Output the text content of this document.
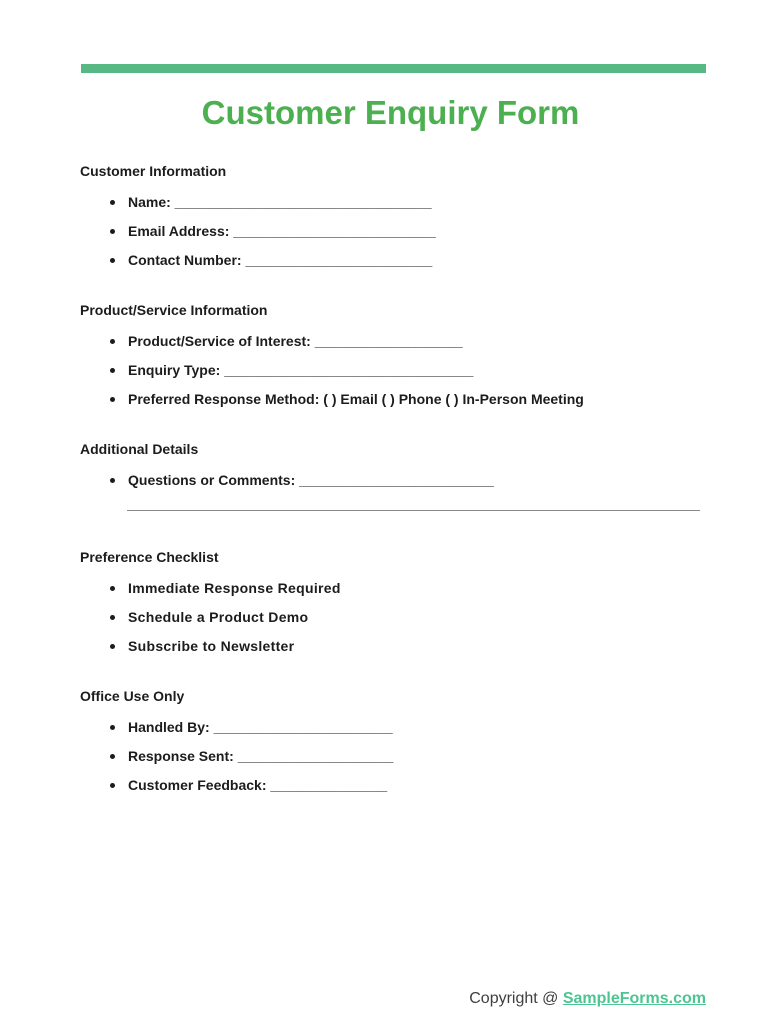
Customer Enquiry Form
Customer Information
Name: _________________________________
Email Address: __________________________
Contact Number: ________________________
Product/Service Information
Product/Service of Interest: ___________________
Enquiry Type: ________________________________
Preferred Response Method: ( ) Email ( ) Phone ( ) In-Person Meeting
Additional Details
Questions or Comments: _________________________
Preference Checklist
Immediate Response Required
Schedule a Product Demo
Subscribe to Newsletter
Office Use Only
Handled By: _______________________
Response Sent: ____________________
Customer Feedback: _______________
Copyright @ SampleForms.com
